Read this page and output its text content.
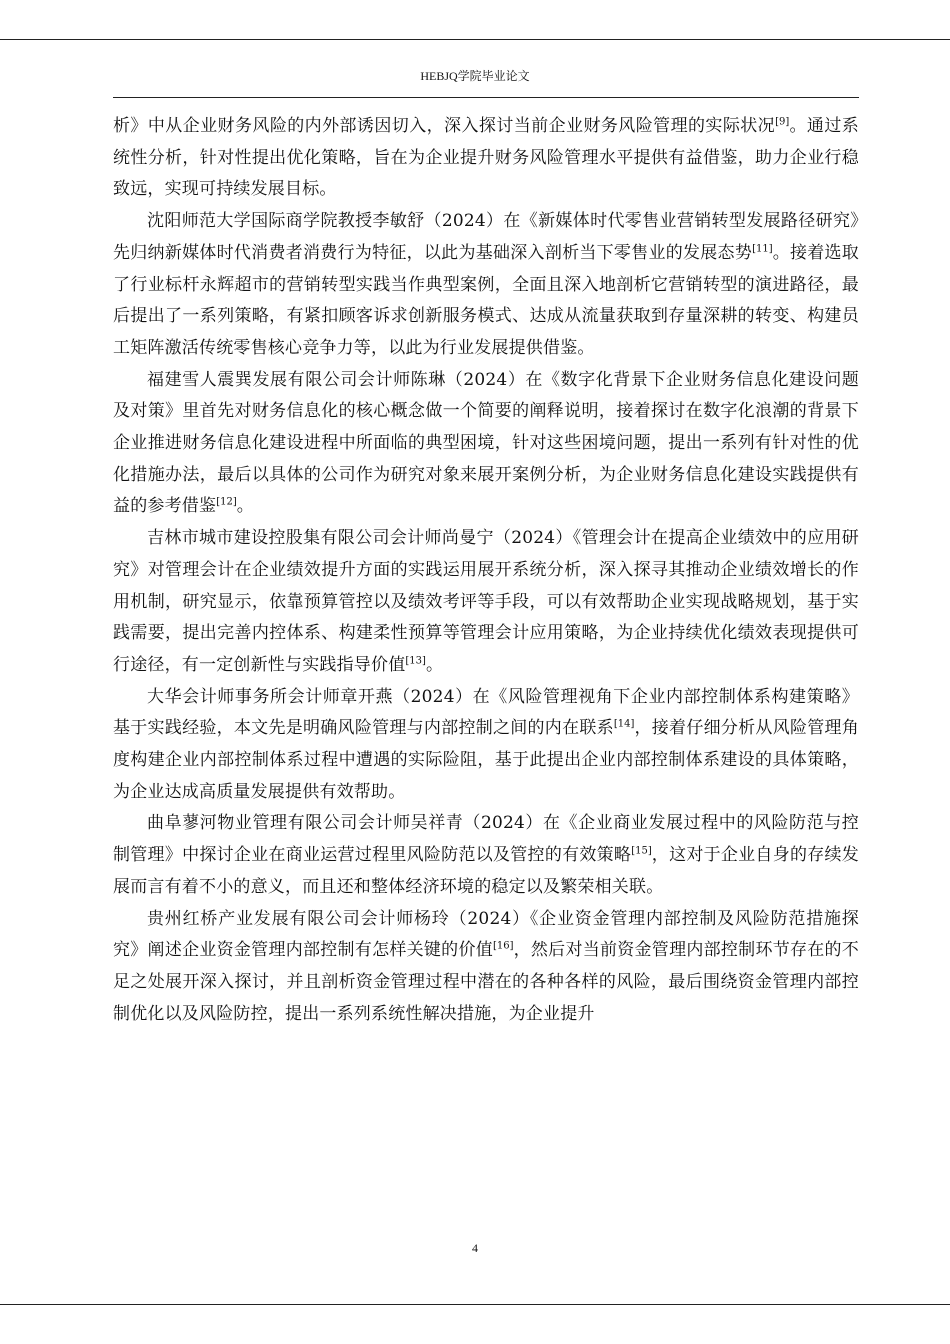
HEBJQ学院毕业论文

析》中从企业财务风险的内外部诱因切入，深入探讨当前企业财务风险管理的实际状况[9]。通过系统性分析，针对性提出优化策略，旨在为企业提升财务风险管理水平提供有益借鉴，助力企业行稳致远，实现可持续发展目标。

沈阳师范大学国际商学院教授李敏舒（2024）在《新媒体时代零售业营销转型发展路径研究》先归纳新媒体时代消费者消费行为特征，以此为基础深入剖析当下零售业的发展态势[11]。接着选取了行业标杆永辉超市的营销转型实践当作典型案例，全面且深入地剖析它营销转型的演进路径，最后提出了一系列策略，有紧扣顾客诉求创新服务模式、达成从流量获取到存量深耕的转变、构建员工矩阵激活传统零售核心竞争力等，以此为行业发展提供借鉴。

福建雪人震巽发展有限公司会计师陈琳（2024）在《数字化背景下企业财务信息化建设问题及对策》里首先对财务信息化的核心概念做一个简要的阐释说明，接着探讨在数字化浪潮的背景下企业推进财务信息化建设进程中所面临的典型困境，针对这些困境问题，提出一系列有针对性的优化措施办法，最后以具体的公司作为研究对象来展开案例分析，为企业财务信息化建设实践提供有益的参考借鉴[12]。

吉林市城市建设控股集有限公司会计师尚曼宁（2024）《管理会计在提高企业绩效中的应用研究》对管理会计在企业绩效提升方面的实践运用展开系统分析，深入探寻其推动企业绩效增长的作用机制，研究显示，依靠预算管控以及绩效考评等手段，可以有效帮助企业实现战略规划，基于实践需要，提出完善内控体系、构建柔性预算等管理会计应用策略，为企业持续优化绩效表现提供可行途径，有一定创新性与实践指导价值[13]。

大华会计师事务所会计师章开燕（2024）在《风险管理视角下企业内部控制体系构建策略》基于实践经验，本文先是明确风险管理与内部控制之间的内在联系[14]，接着仔细分析从风险管理角度构建企业内部控制体系过程中遭遇的实际险阻，基于此提出企业内部控制体系建设的具体策略，为企业达成高质量发展提供有效帮助。

曲阜蓼河物业管理有限公司会计师吴祥青（2024）在《企业商业发展过程中的风险防范与控制管理》中探讨企业在商业运营过程里风险防范以及管控的有效策略[15]，这对于企业自身的存续发展而言有着不小的意义，而且还和整体经济环境的稳定以及繁荣相关联。

贵州红桥产业发展有限公司会计师杨玲（2024）《企业资金管理内部控制及风险防范措施探究》阐述企业资金管理内部控制有怎样关键的价值[16]，然后对当前资金管理内部控制环节存在的不足之处展开深入探讨，并且剖析资金管理过程中潜在的各种各样的风险，最后围绕资金管理内部控制优化以及风险防控，提出一系列系统性解决措施，为企业提升

4
